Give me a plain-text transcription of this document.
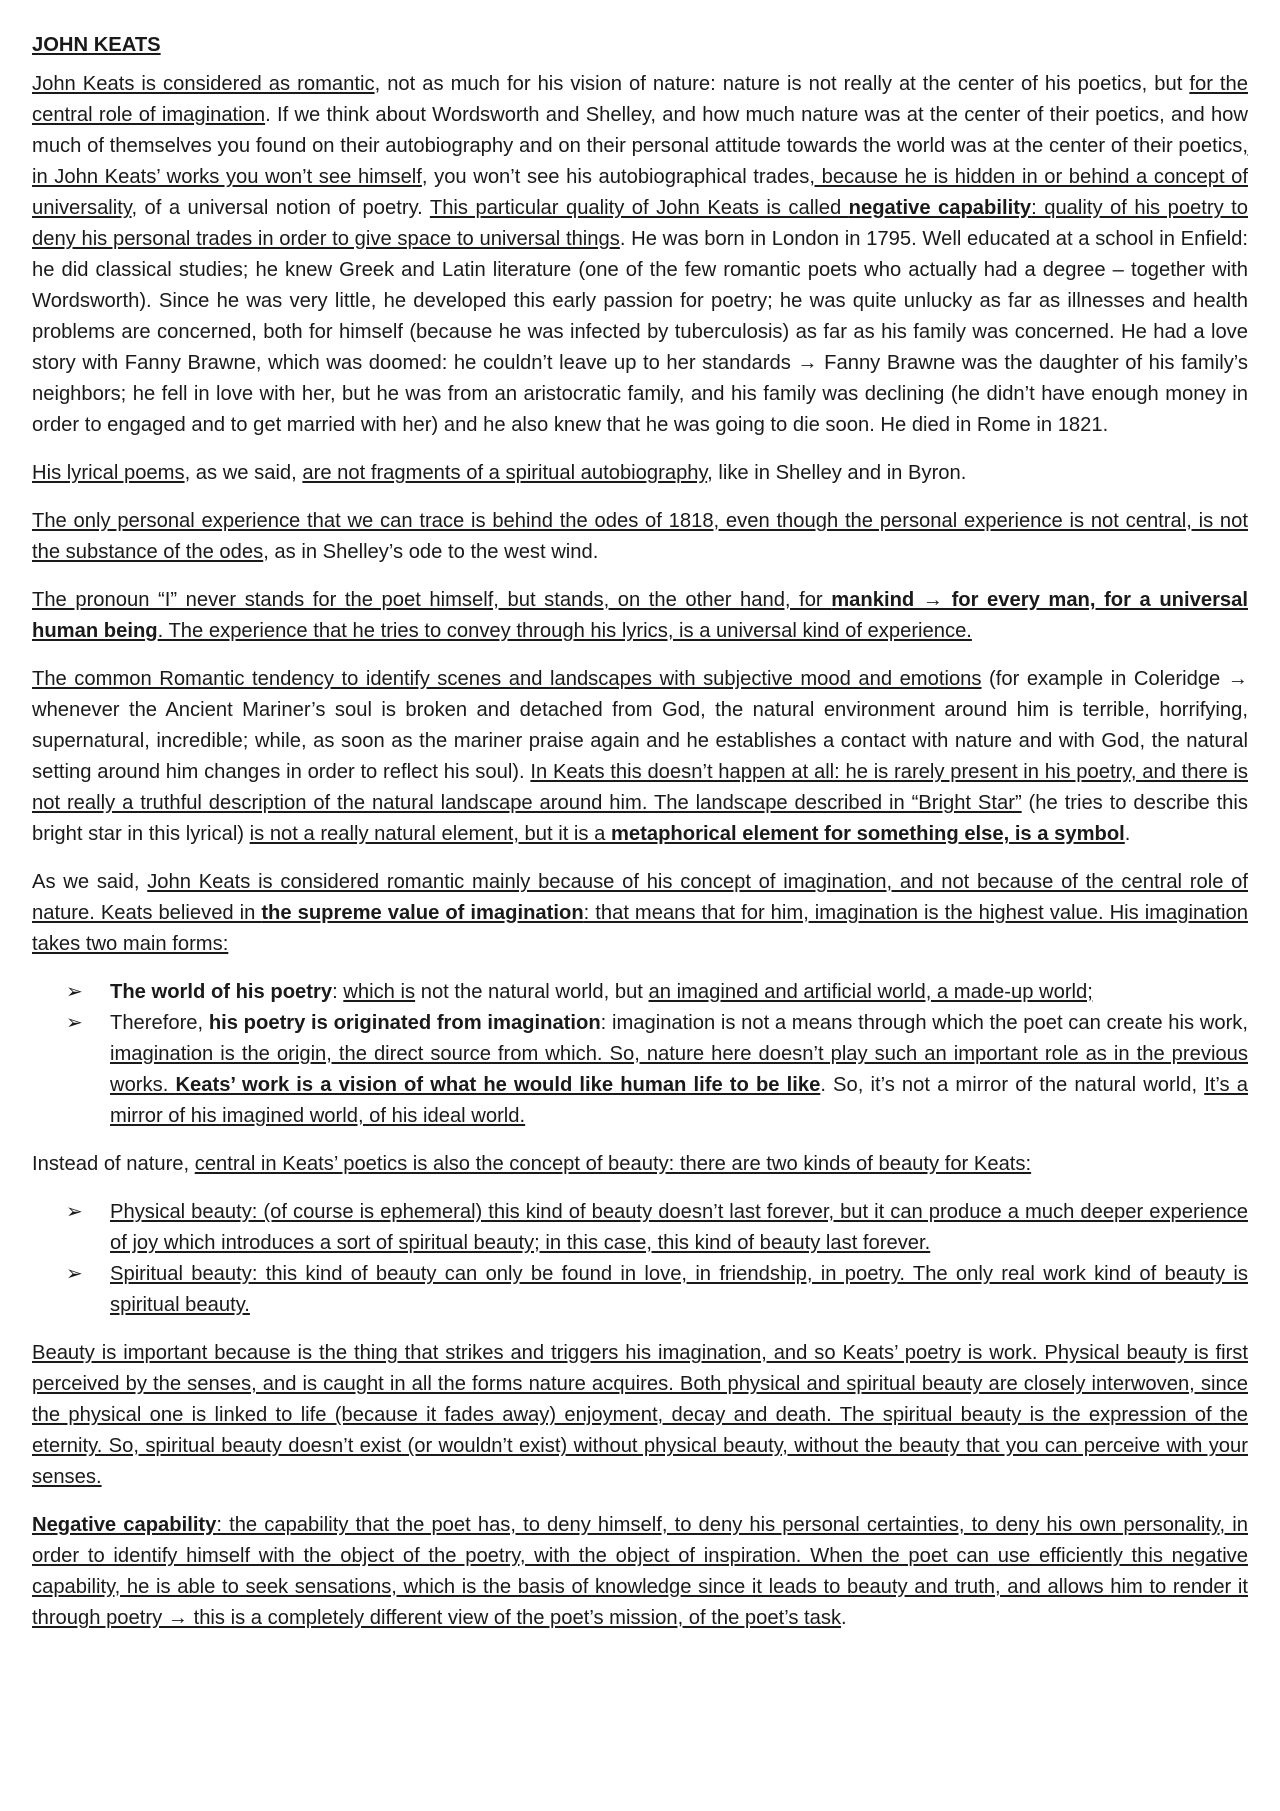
JOHN KEATS

John Keats is considered as romantic, not as much for his vision of nature: nature is not really at the center of his poetics, but for the central role of imagination. If we think about Wordsworth and Shelley, and how much nature was at the center of their poetics, and how much of themselves you found on their autobiography and on their personal attitude towards the world was at the center of their poetics, in John Keats’ works you won’t see himself, you won’t see his autobiographical trades, because he is hidden in or behind a concept of universality, of a universal notion of poetry. This particular quality of John Keats is called negative capability: quality of his poetry to deny his personal trades in order to give space to universal things. He was born in London in 1795. Well educated at a school in Enfield: he did classical studies; he knew Greek and Latin literature (one of the few romantic poets who actually had a degree – together with Wordsworth). Since he was very little, he developed this early passion for poetry; he was quite unlucky as far as illnesses and health problems are concerned, both for himself (because he was infected by tuberculosis) as far as his family was concerned. He had a love story with Fanny Brawne, which was doomed: he couldn’t leave up to her standards → Fanny Brawne was the daughter of his family’s neighbors; he fell in love with her, but he was from an aristocratic family, and his family was declining (he didn’t have enough money in order to engaged and to get married with her) and he also knew that he was going to die soon. He died in Rome in 1821.

His lyrical poems, as we said, are not fragments of a spiritual autobiography, like in Shelley and in Byron.

The only personal experience that we can trace is behind the odes of 1818, even though the personal experience is not central, is not the substance of the odes, as in Shelley’s ode to the west wind.

The pronoun “I” never stands for the poet himself, but stands, on the other hand, for mankind → for every man, for a universal human being. The experience that he tries to convey through his lyrics, is a universal kind of experience.

The common Romantic tendency to identify scenes and landscapes with subjective mood and emotions (for example in Coleridge → whenever the Ancient Mariner’s soul is broken and detached from God, the natural environment around him is terrible, horrifying, supernatural, incredible; while, as soon as the mariner praise again and he establishes a contact with nature and with God, the natural setting around him changes in order to reflect his soul). In Keats this doesn’t happen at all: he is rarely present in his poetry, and there is not really a truthful description of the natural landscape around him. The landscape described in “Bright Star” (he tries to describe this bright star in this lyrical) is not a really natural element, but it is a metaphorical element for something else, is a symbol.

As we said, John Keats is considered romantic mainly because of his concept of imagination, and not because of the central role of nature. Keats believed in the supreme value of imagination: that means that for him, imagination is the highest value. His imagination takes two main forms:

➢ The world of his poetry: which is not the natural world, but an imagined and artificial world, a made-up world;
➢ Therefore, his poetry is originated from imagination: imagination is not a means through which the poet can create his work, imagination is the origin, the direct source from which. So, nature here doesn’t play such an important role as in the previous works. Keats’ work is a vision of what he would like human life to be like. So, it’s not a mirror of the natural world, It’s a mirror of his imagined world, of his ideal world.

Instead of nature, central in Keats’ poetics is also the concept of beauty: there are two kinds of beauty for Keats:

➢ Physical beauty: (of course is ephemeral) this kind of beauty doesn’t last forever, but it can produce a much deeper experience of joy which introduces a sort of spiritual beauty; in this case, this kind of beauty last forever.
➢ Spiritual beauty: this kind of beauty can only be found in love, in friendship, in poetry. The only real work kind of beauty is spiritual beauty.

Beauty is important because is the thing that strikes and triggers his imagination, and so Keats’ poetry is work. Physical beauty is first perceived by the senses, and is caught in all the forms nature acquires. Both physical and spiritual beauty are closely interwoven, since the physical one is linked to life (because it fades away) enjoyment, decay and death. The spiritual beauty is the expression of the eternity. So, spiritual beauty doesn’t exist (or wouldn’t exist) without physical beauty, without the beauty that you can perceive with your senses.

Negative capability: the capability that the poet has, to deny himself, to deny his personal certainties, to deny his own personality, in order to identify himself with the object of the poetry, with the object of inspiration. When the poet can use efficiently this negative capability, he is able to seek sensations, which is the basis of knowledge since it leads to beauty and truth, and allows him to render it through poetry → this is a completely different view of the poet’s mission, of the poet’s task.
